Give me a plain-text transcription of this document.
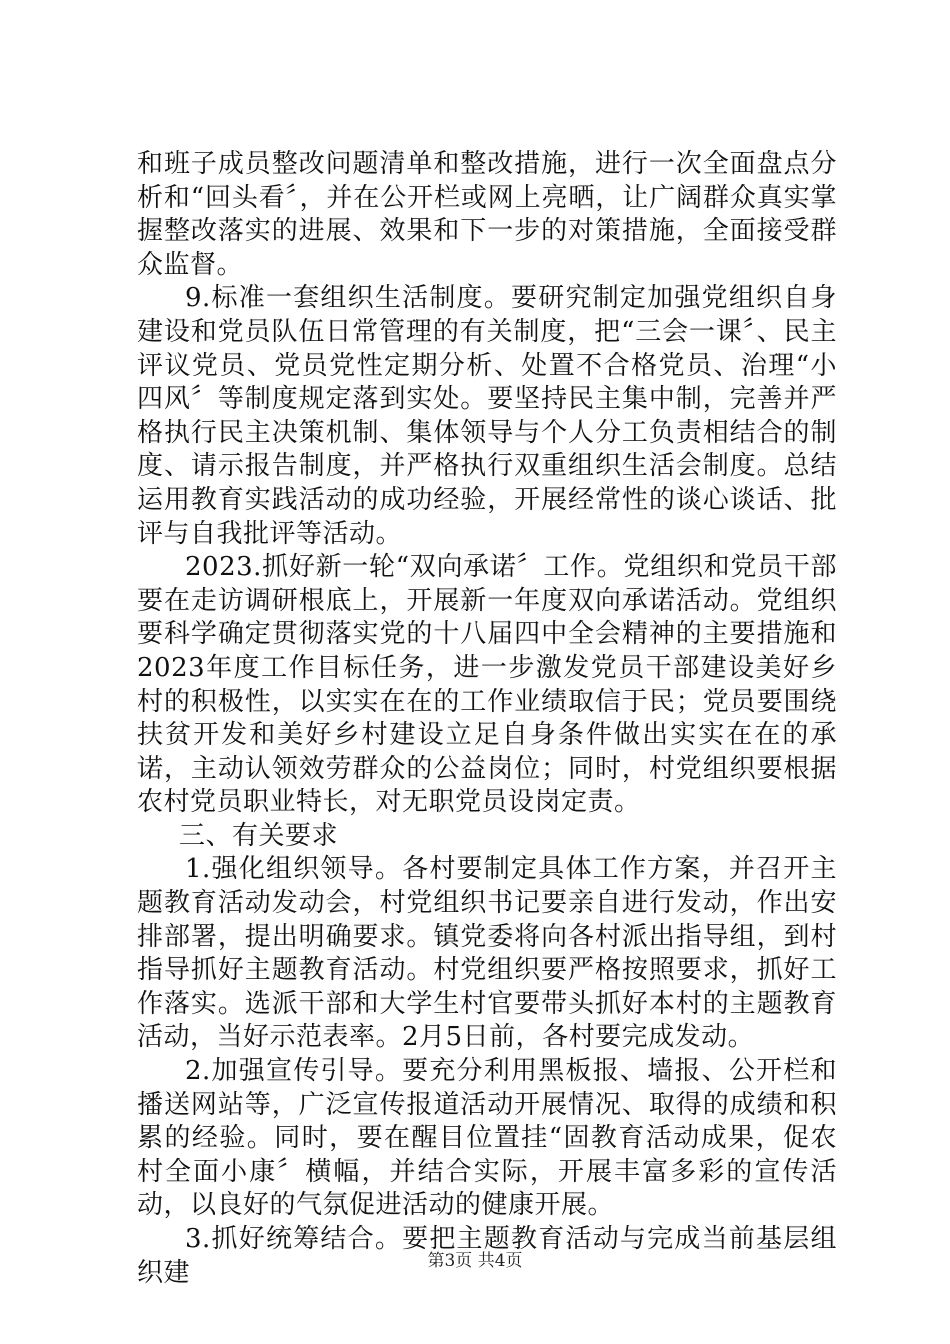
和班子成员整改问题清单和整改措施，进行一次全面盘点分析和“回头看〞，并在公开栏或网上亮晒，让广阔群众真实掌握整改落实的进展、效果和下一步的对策措施，全面接受群众监督。

9.标准一套组织生活制度。要研究制定加强党组织自身建设和党员队伍日常管理的有关制度，把“三会一课〞、民主评议党员、党员党性定期分析、处置不合格党员、治理“小四风〞等制度规定落到实处。要坚持民主集中制，完善并严格执行民主决策机制、集体领导与个人分工负责相结合的制度、请示报告制度，并严格执行双重组织生活会制度。总结运用教育实践活动的成功经验，开展经常性的谈心谈话、批评与自我批评等活动。

2023.抓好新一轮“双向承诺〞工作。党组织和党员干部要在走访调研根底上，开展新一年度双向承诺活动。党组织要科学确定贯彻落实党的十八届四中全会精神的主要措施和2023年度工作目标任务，进一步激发党员干部建设美好乡村的积极性，以实实在在的工作业绩取信于民；党员要围绕扶贫开发和美好乡村建设立足自身条件做出实实在在的承诺，主动认领效劳群众的公益岗位；同时，村党组织要根据农村党员职业特长，对无职党员设岗定责。

三、有关要求

1.强化组织领导。各村要制定具体工作方案，并召开主题教育活动发动会，村党组织书记要亲自进行发动，作出安排部署，提出明确要求。镇党委将向各村派出指导组，到村指导抓好主题教育活动。村党组织要严格按照要求，抓好工作落实。选派干部和大学生村官要带头抓好本村的主题教育活动，当好示范表率。2月5日前，各村要完成发动。

2.加强宣传引导。要充分利用黑板报、墙报、公开栏和播送网站等，广泛宣传报道活动开展情况、取得的成绩和积累的经验。同时，要在醒目位置挂“固教育活动成果，促农村全面小康〞横幅，并结合实际，开展丰富多彩的宣传活动，以良好的气氛促进活动的健康开展。

3.抓好统筹结合。要把主题教育活动与完成当前基层组织建	第3页 共4页
